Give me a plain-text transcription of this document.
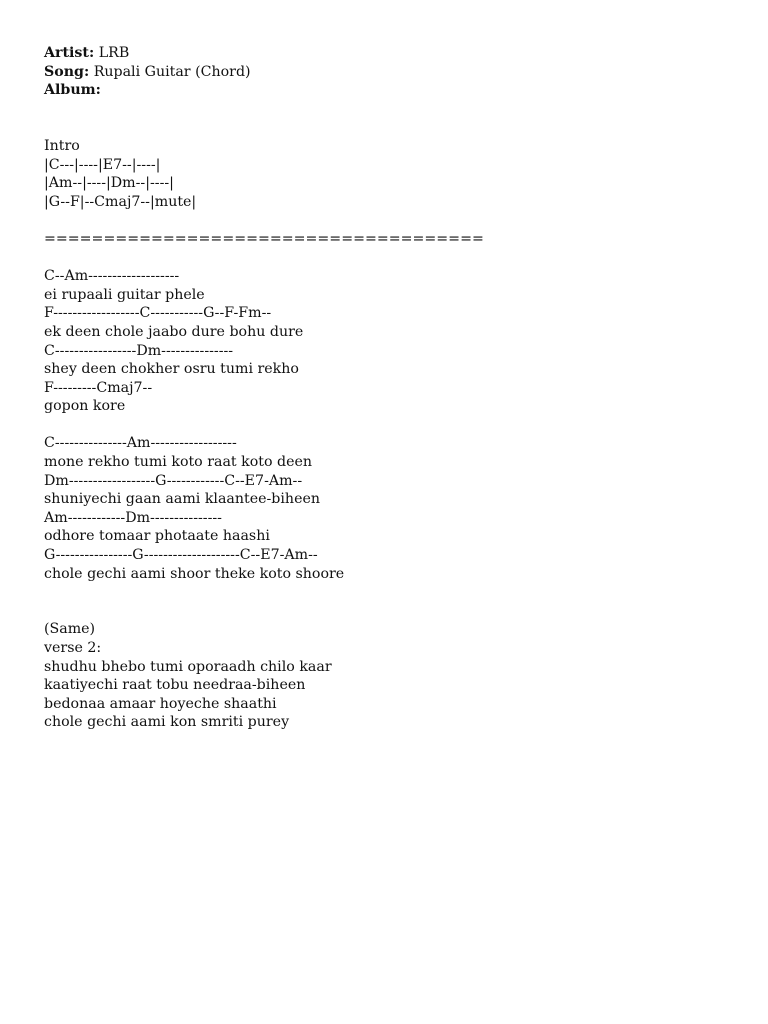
Artist: LRB
Song: Rupali Guitar (Chord)
Album:
Intro
|C---|----|E7--|----|
|Am--|----|Dm--|----|
|G--F|--Cmaj7--|mute|
=====================================
C--Am-------------------
ei rupaali guitar phele
F------------------C-----------G--F-Fm--
ek deen chole jaabo dure bohu dure
C-----------------Dm---------------
shey deen chokher osru tumi rekho
F---------Cmaj7--
gopon kore
C---------------Am------------------
mone rekho tumi koto raat koto deen
Dm------------------G------------C--E7-Am--
shuniyechi gaan aami klaantee-biheen
Am------------Dm---------------
odhore tomaar photaate haashi
G----------------G--------------------C--E7-Am--
chole gechi aami shoor theke koto shoore
(Same)
verse 2:
shudhu bhebo tumi oporaadh chilo kaar
kaatiyechi raat tobu needraa-biheen
bedonaa amaar hoyeche shaathi
chole gechi aami kon smriti purey
